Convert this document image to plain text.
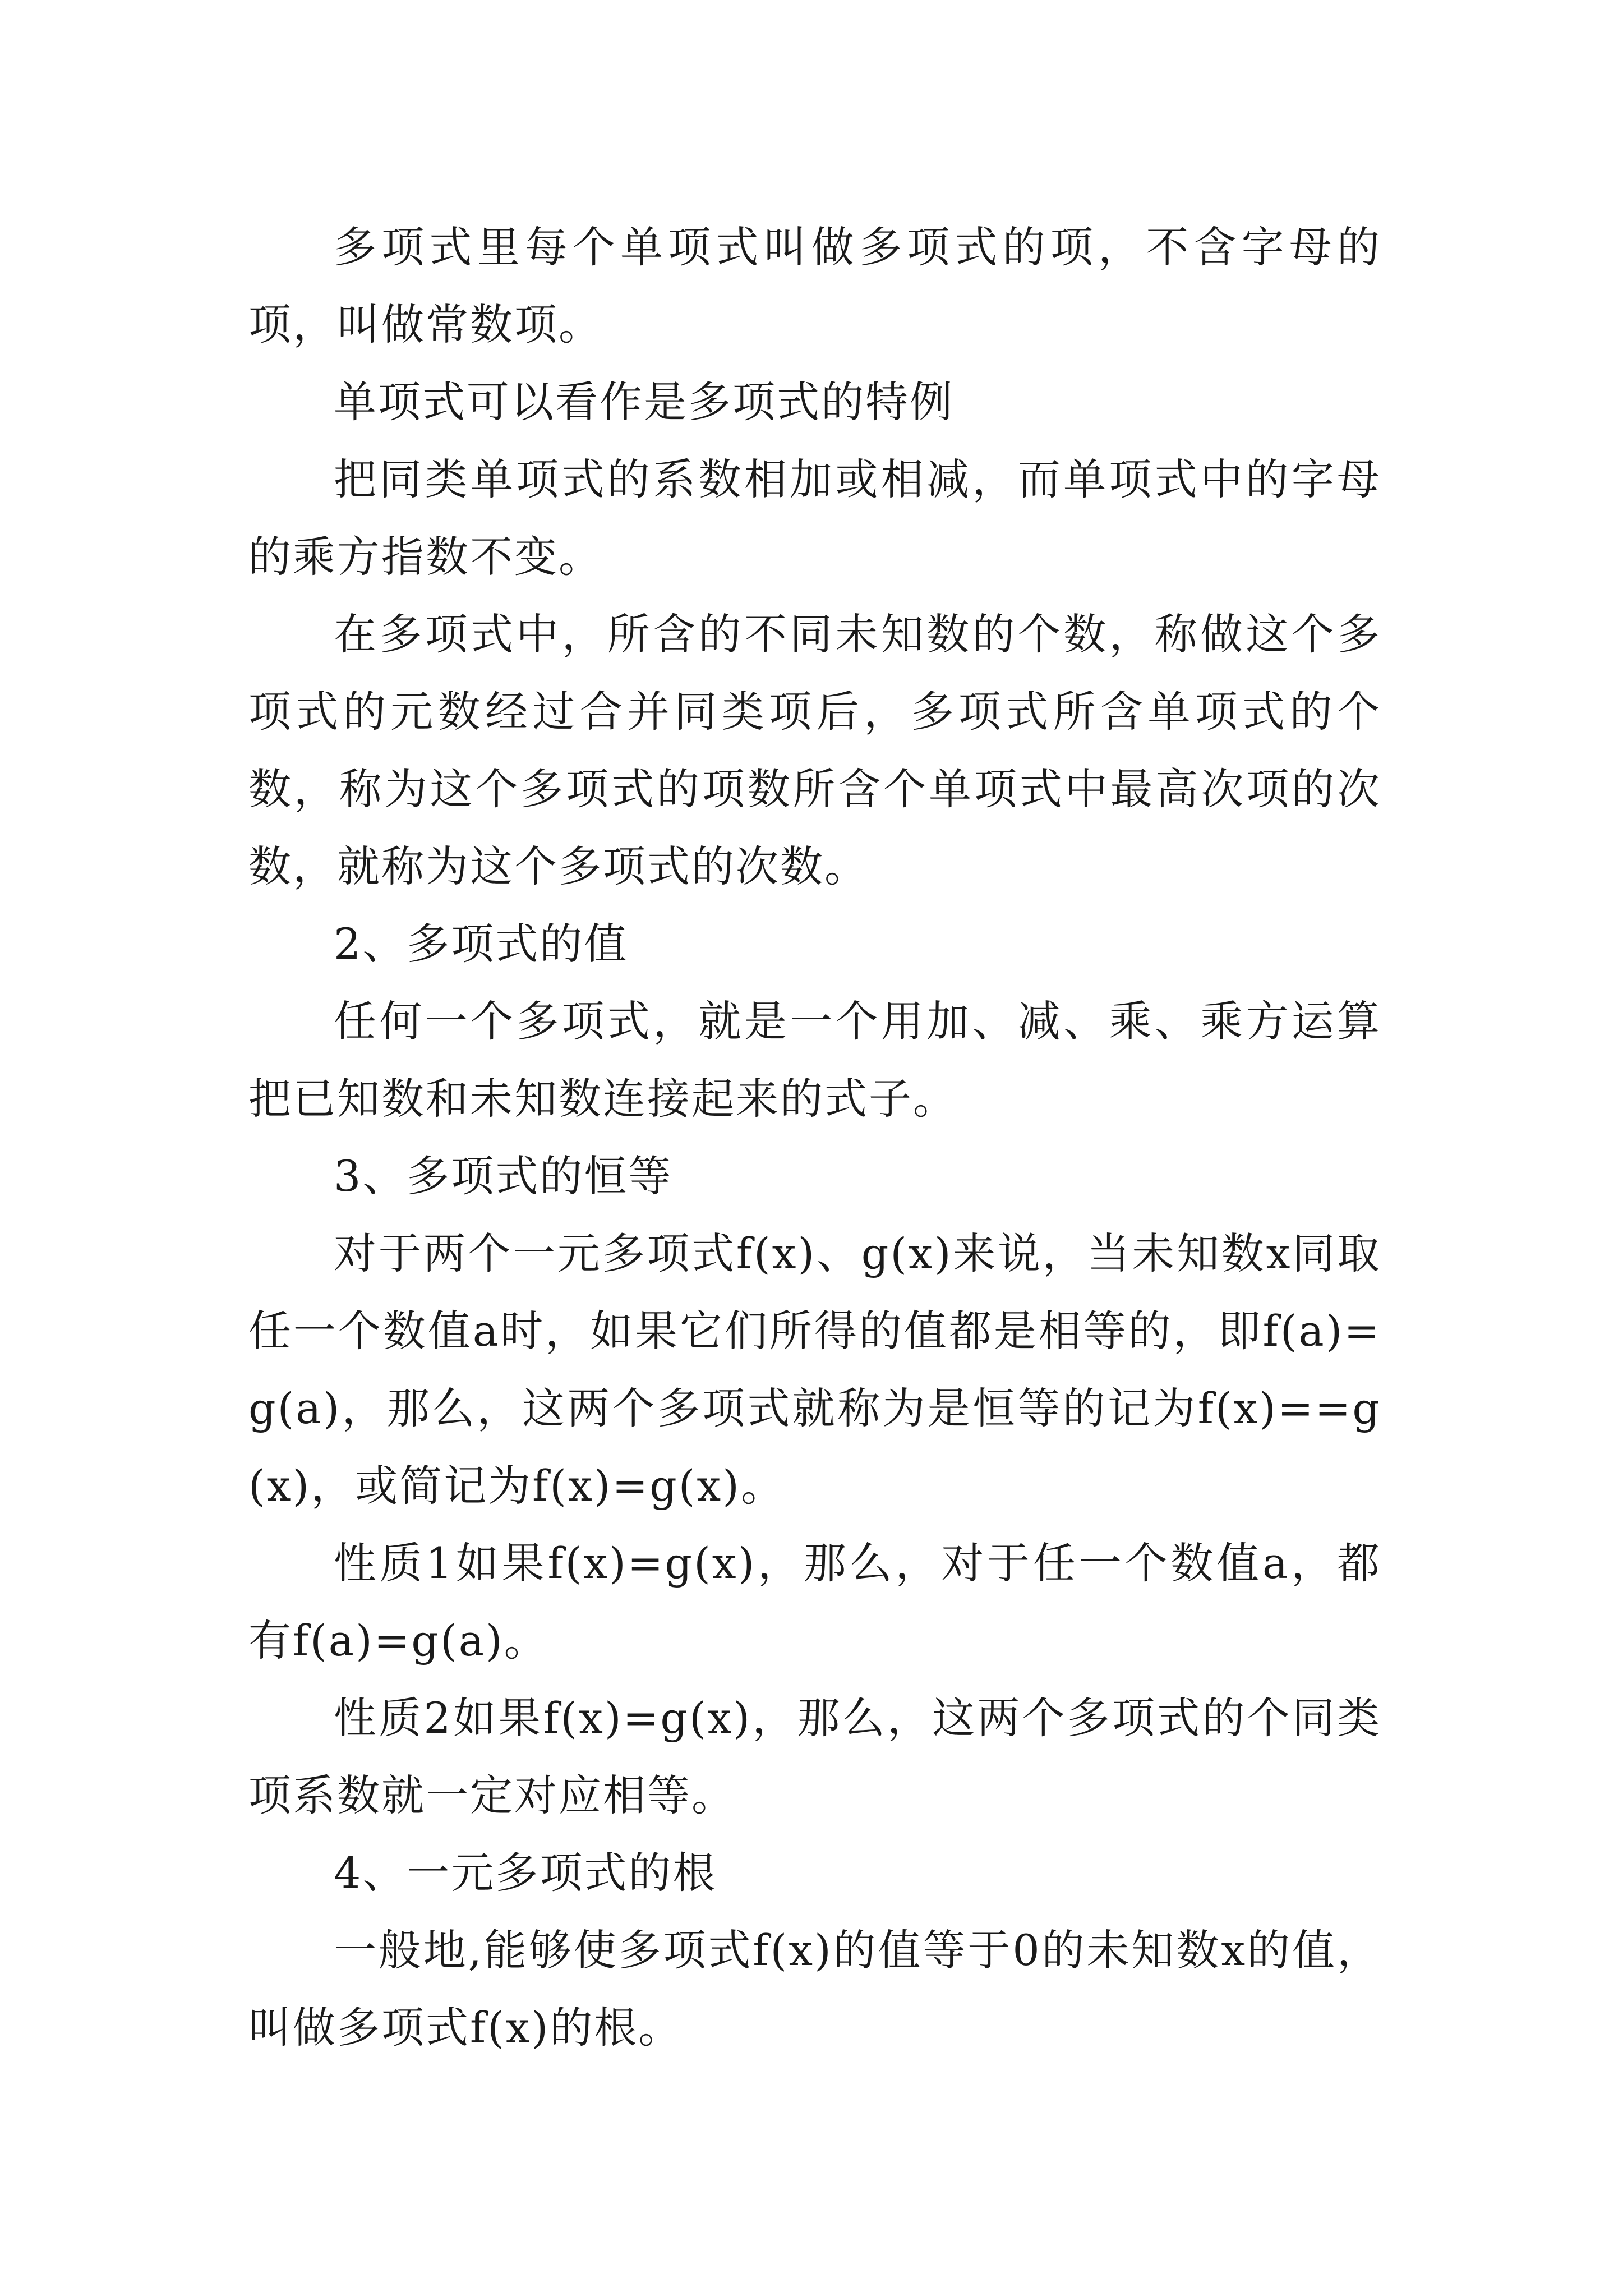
多项式里每个单项式叫做多项式的项，不含字母的项，叫做常数项。

单项式可以看作是多项式的特例

把同类单项式的系数相加或相减，而单项式中的字母的乘方指数不变。

在多项式中，所含的不同未知数的个数，称做这个多项式的元数经过合并同类项后，多项式所含单项式的个数，称为这个多项式的项数所含个单项式中最高次项的次数，就称为这个多项式的次数。

2、多项式的值

任何一个多项式，就是一个用加、减、乘、乘方运算把已知数和未知数连接起来的式子。

3、多项式的恒等

对于两个一元多项式f(x)、g(x)来说，当未知数x同取任一个数值a时，如果它们所得的值都是相等的，即f(a)=g(a)，那么，这两个多项式就称为是恒等的记为f(x)==g(x)，或简记为f(x)=g(x)。

性质1如果f(x)=g(x)，那么，对于任一个数值a，都有f(a)=g(a)。

性质2如果f(x)=g(x)，那么，这两个多项式的个同类项系数就一定对应相等。

4、一元多项式的根

一般地,能够使多项式f(x)的值等于0的未知数x的值，叫做多项式f(x)的根。
